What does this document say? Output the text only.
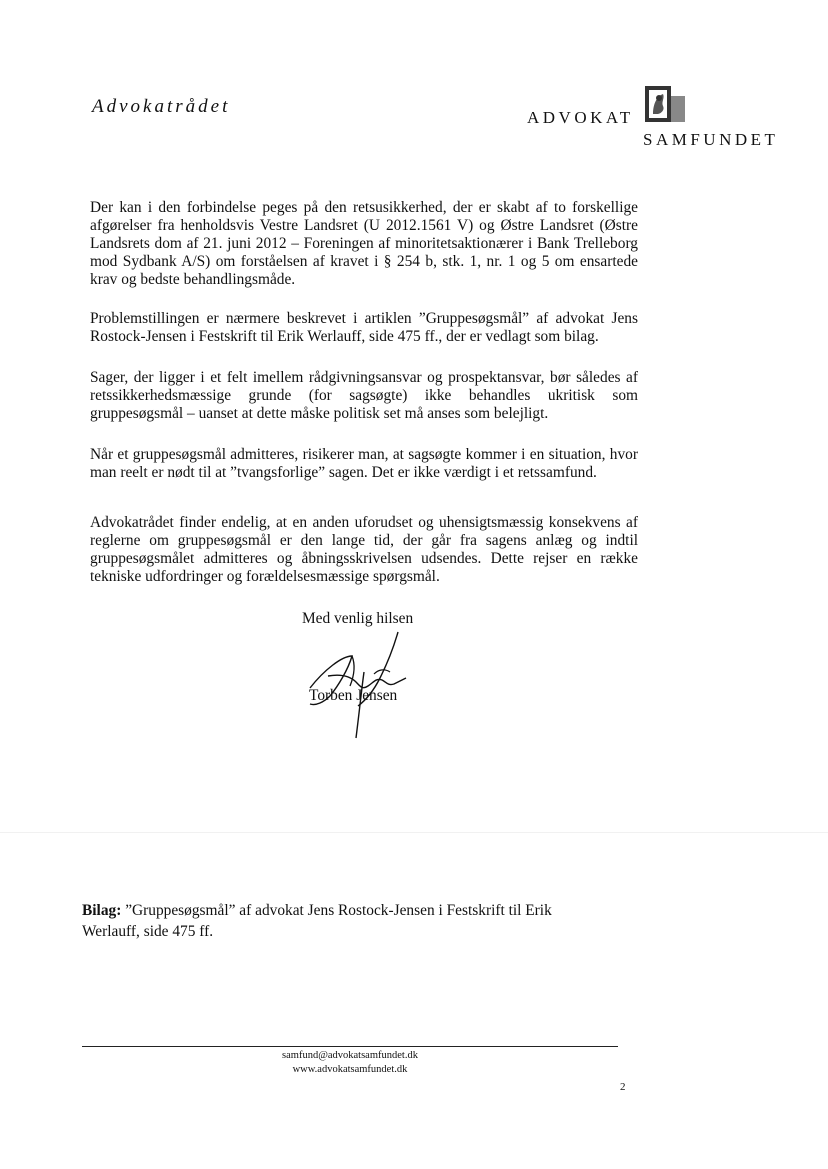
Advokatrådet
ADVOKAT
SAMFUNDET

Der kan i den forbindelse peges på den retsusikkerhed, der er skabt af to forskellige afgørelser fra henholdsvis Vestre Landsret (U 2012.1561 V) og Østre Landsret (Østre Landsrets dom af 21. juni 2012 – Foreningen af minoritetsaktionærer i Bank Trelleborg mod Sydbank A/S) om forståelsen af kravet i § 254 b, stk. 1, nr. 1 og 5 om ensartede krav og bedste behandlingsmåde.

Problemstillingen er nærmere beskrevet i artiklen ”Gruppesøgsmål” af advokat Jens Rostock-Jensen i Festskrift til Erik Werlauff, side 475 ff., der er vedlagt som bilag.

Sager, der ligger i et felt imellem rådgivningsansvar og prospektansvar, bør således af retssikkerhedsmæssige grunde (for sagsøgte) ikke behandles ukritisk som gruppesøgsmål – uanset at dette måske politisk set må anses som belejligt.

Når et gruppesøgsmål admitteres, risikerer man, at sagsøgte kommer i en situation, hvor man reelt er nødt til at ”tvangsforlige” sagen. Det er ikke værdigt i et retssamfund.

Advokatrådet finder endelig, at en anden uforudset og uhensigtsmæssig konsekvens af reglerne om gruppesøgsmål er den lange tid, der går fra sagens anlæg og indtil gruppesøgsmålet admitteres og åbningsskrivelsen udsendes. Dette rejser en række tekniske udfordringer og forældelsesmæssige spørgsmål.

Med venlig hilsen
Torben Jensen

Bilag: ”Gruppesøgsmål” af advokat Jens Rostock-Jensen i Festskrift til Erik Werlauff, side 475 ff.

samfund@advokatsamfundet.dk
www.advokatsamfundet.dk
2
